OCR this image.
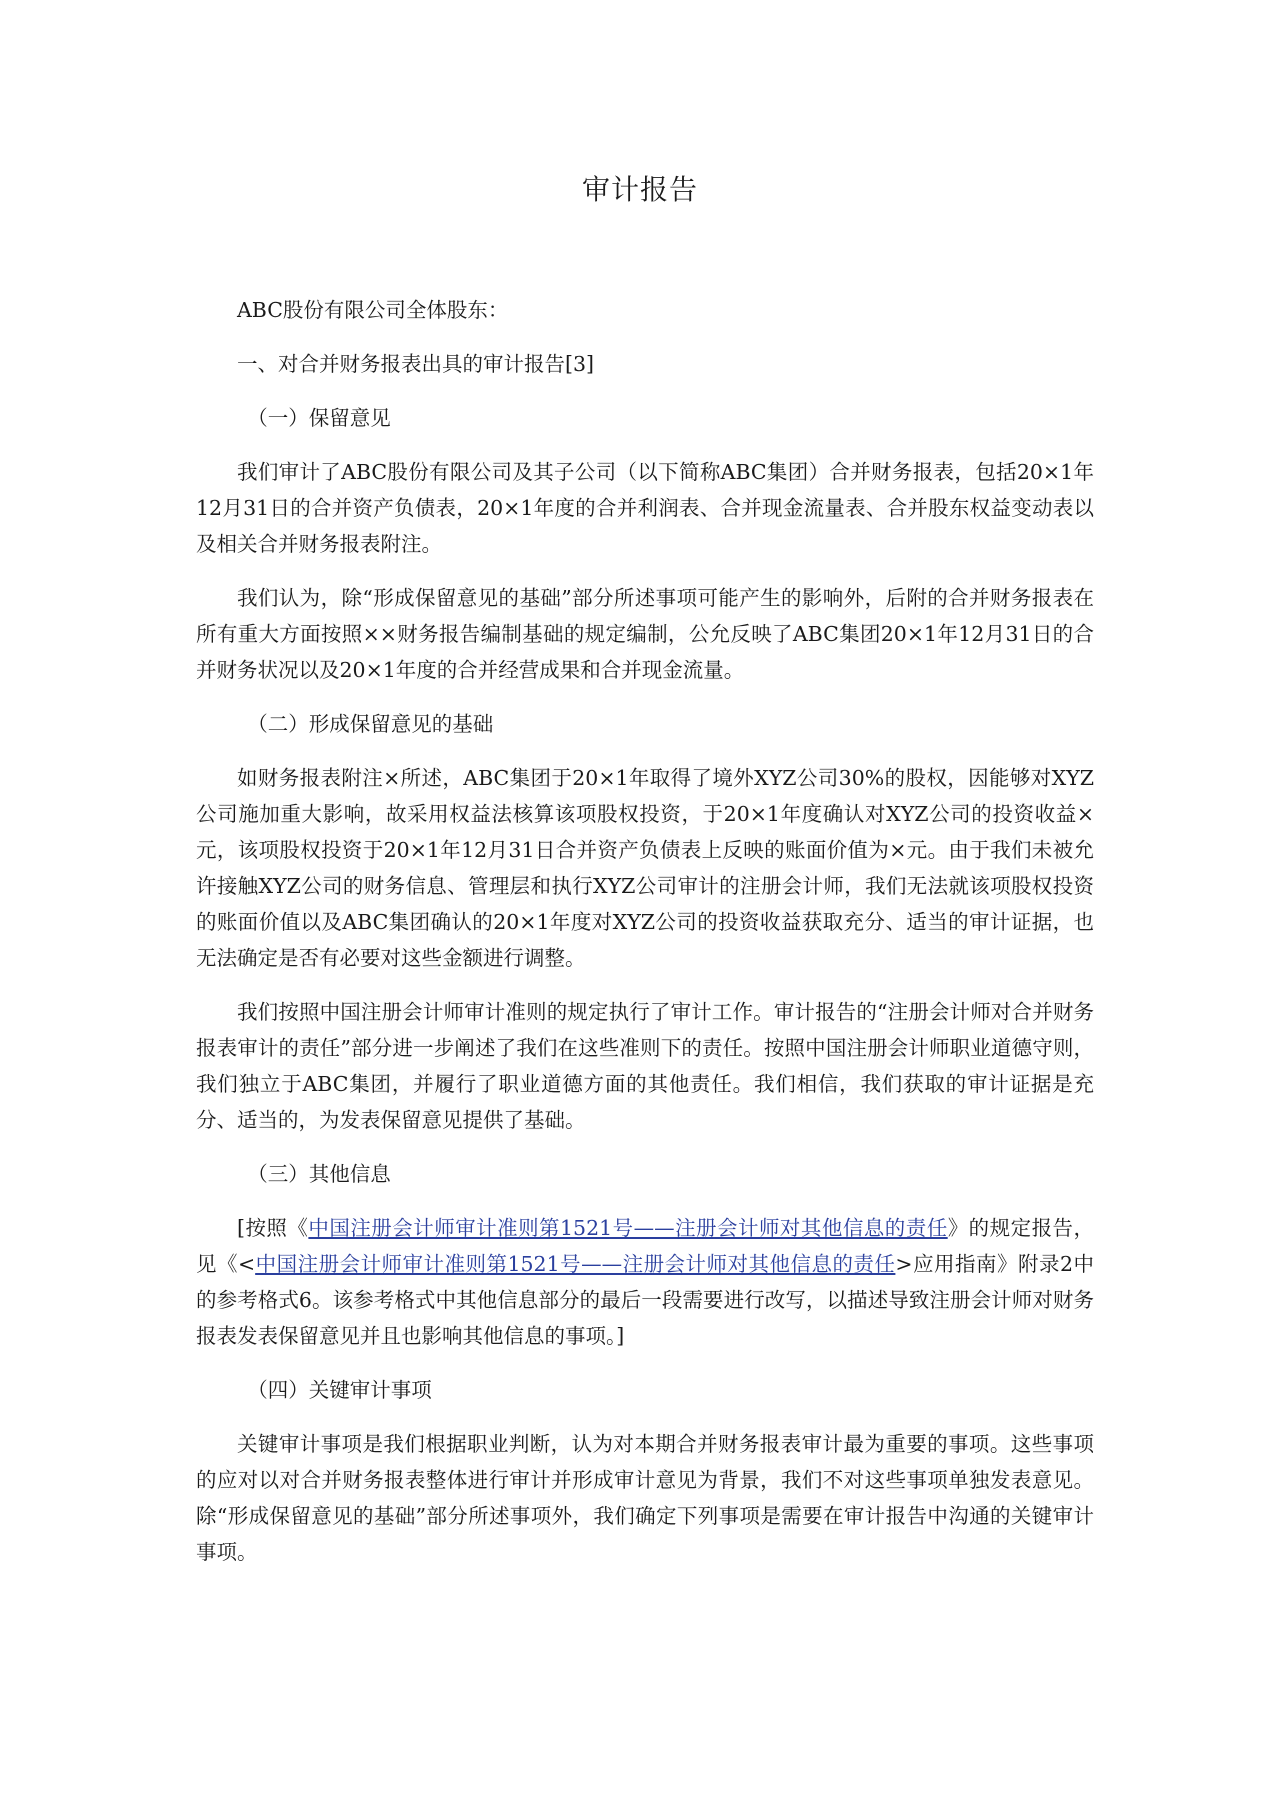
审计报告

ABC股份有限公司全体股东：

一、对合并财务报表出具的审计报告[3]

（一）保留意见

我们审计了ABC股份有限公司及其子公司（以下简称ABC集团）合并财务报表，包括20×1年12月31日的合并资产负债表，20×1年度的合并利润表、合并现金流量表、合并股东权益变动表以及相关合并财务报表附注。

我们认为，除“形成保留意见的基础”部分所述事项可能产生的影响外，后附的合并财务报表在所有重大方面按照××财务报告编制基础的规定编制，公允反映了ABC集团20×1年12月31日的合并财务状况以及20×1年度的合并经营成果和合并现金流量。

（二）形成保留意见的基础

如财务报表附注×所述，ABC集团于20×1年取得了境外XYZ公司30%的股权，因能够对XYZ公司施加重大影响，故采用权益法核算该项股权投资，于20×1年度确认对XYZ公司的投资收益×元，该项股权投资于20×1年12月31日合并资产负债表上反映的账面价值为×元。由于我们未被允许接触XYZ公司的财务信息、管理层和执行XYZ公司审计的注册会计师，我们无法就该项股权投资的账面价值以及ABC集团确认的20×1年度对XYZ公司的投资收益获取充分、适当的审计证据，也无法确定是否有必要对这些金额进行调整。

我们按照中国注册会计师审计准则的规定执行了审计工作。审计报告的“注册会计师对合并财务报表审计的责任”部分进一步阐述了我们在这些准则下的责任。按照中国注册会计师职业道德守则，我们独立于ABC集团，并履行了职业道德方面的其他责任。我们相信，我们获取的审计证据是充分、适当的，为发表保留意见提供了基础。

（三）其他信息

[按照《中国注册会计师审计准则第1521号——注册会计师对其他信息的责任》的规定报告，见《<中国注册会计师审计准则第1521号——注册会计师对其他信息的责任>应用指南》附录2中的参考格式6。该参考格式中其他信息部分的最后一段需要进行改写，以描述导致注册会计师对财务报表发表保留意见并且也影响其他信息的事项。]

（四）关键审计事项

关键审计事项是我们根据职业判断，认为对本期合并财务报表审计最为重要的事项。这些事项的应对以对合并财务报表整体进行审计并形成审计意见为背景，我们不对这些事项单独发表意见。除“形成保留意见的基础”部分所述事项外，我们确定下列事项是需要在审计报告中沟通的关键审计事项。
